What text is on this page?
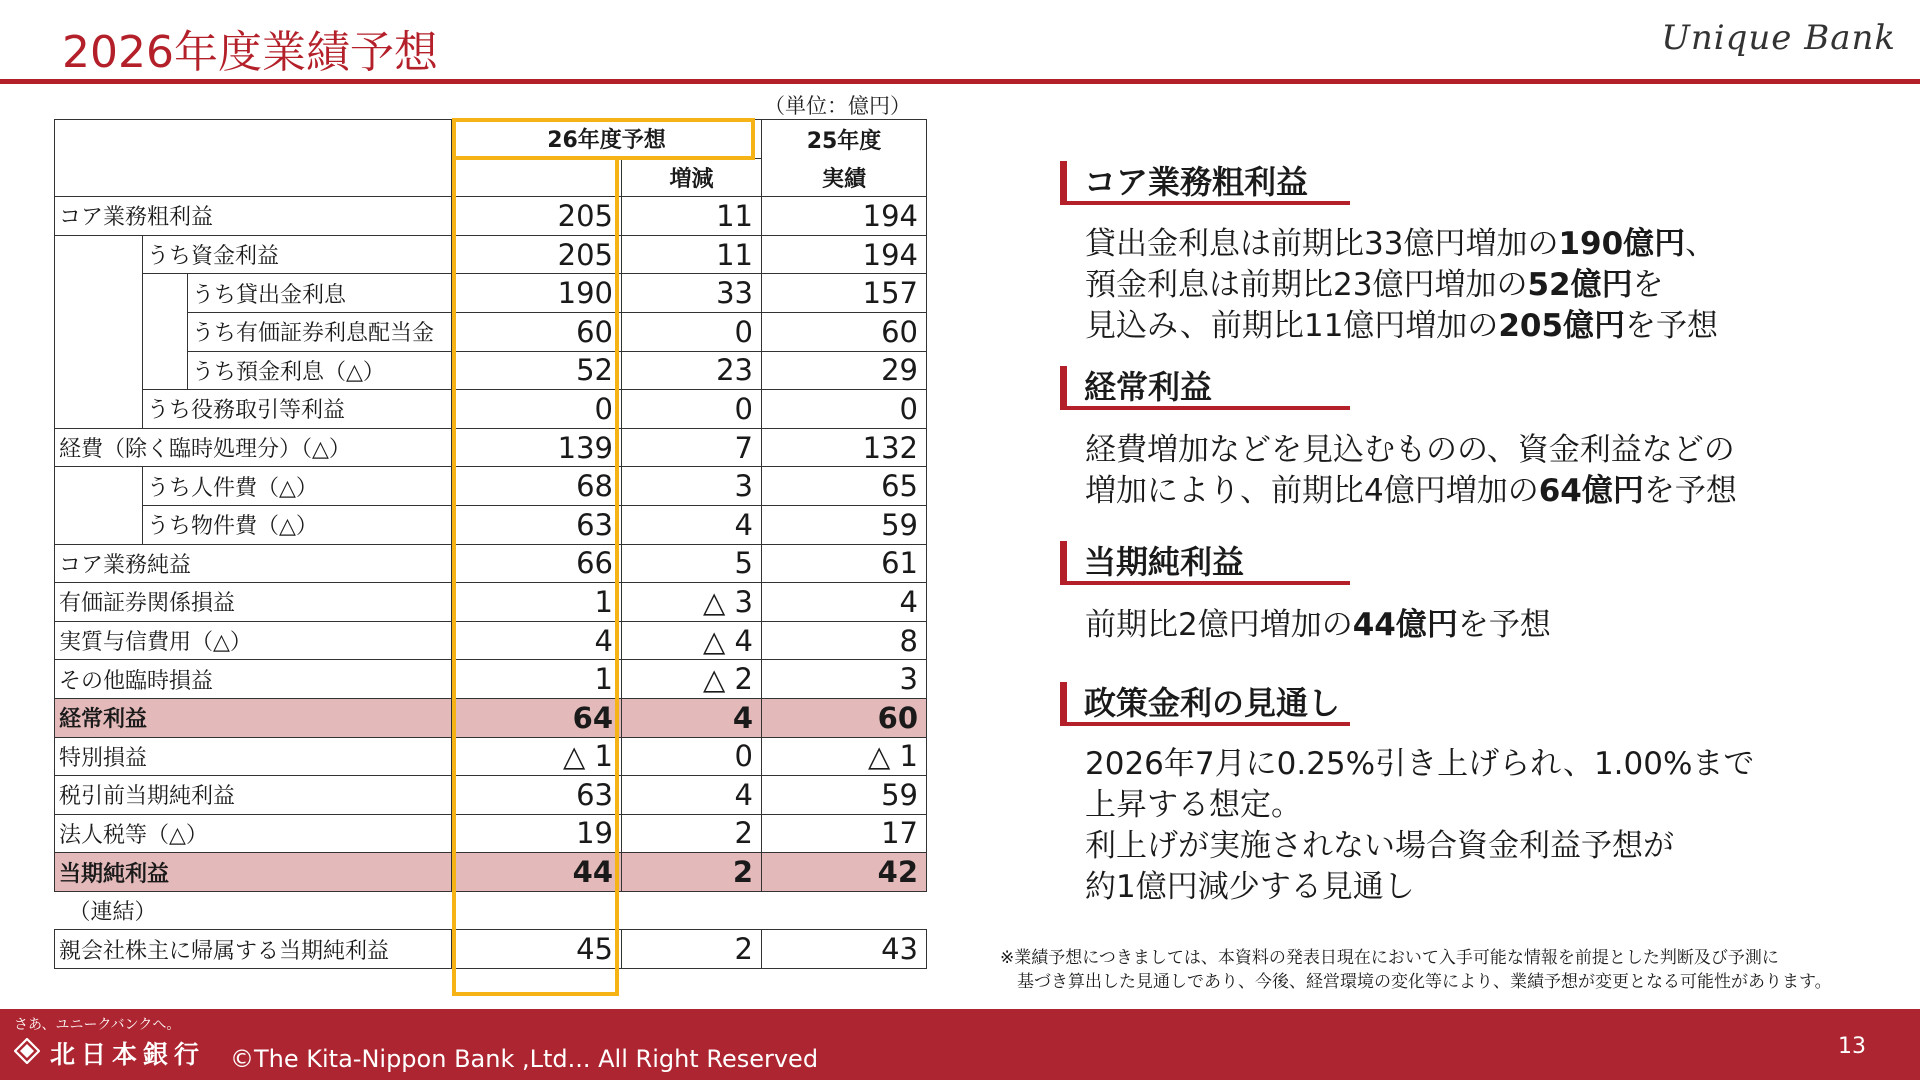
2026年度業績予想	Unique Bank
（単位：億円）
			26年度予想		25年度
				増減	実績
コア業務粗利益			205	11	194
	うち資金利益		205	11	194
		うち貸出金利息	190	33	157
		うち有価証券利息配当金	60	0	60
		うち預金利息（△）	52	23	29
	うち役務取引等利益		0	0	0
経費（除く臨時処理分）（△）			139	7	132
	うち人件費（△）		68	3	65
	うち物件費（△）		63	4	59
コア業務純益			66	5	61
有価証券関係損益			1	△ 3	4
実質与信費用（△）			4	△ 4	8
その他臨時損益			1	△ 2	3
経常利益			64	4	60
特別損益			△ 1	0	△ 1
税引前当期純利益			63	4	59
法人税等（△）			19	2	17
当期純利益			44	2	42
（連結）					
親会社株主に帰属する当期純利益			45	2	43
コア業務粗利益
貸出金利息は前期比33億円増加の190億円、
預金利息は前期比23億円増加の52億円を
見込み、前期比11億円増加の205億円を予想
経常利益
経費増加などを見込むものの、資金利益などの
増加により、前期比4億円増加の64億円を予想
当期純利益
前期比2億円増加の44億円を予想
政策金利の見通し
2026年7月に0.25%引き上げられ、1.00%まで
上昇する想定。
利上げが実施されない場合資金利益予想が
約1億円減少する見通し
※業績予想につきましては、本資料の発表日現在において入手可能な情報を前提とした判断及び予測に
　基づき算出した見通しであり、今後、経営環境の変化等により、業績予想が変更となる可能性があります。
さあ、ユニークバンクへ。
北日本銀行 ©The Kita-Nippon Bank ,Ltd... All Right Reserved	13
